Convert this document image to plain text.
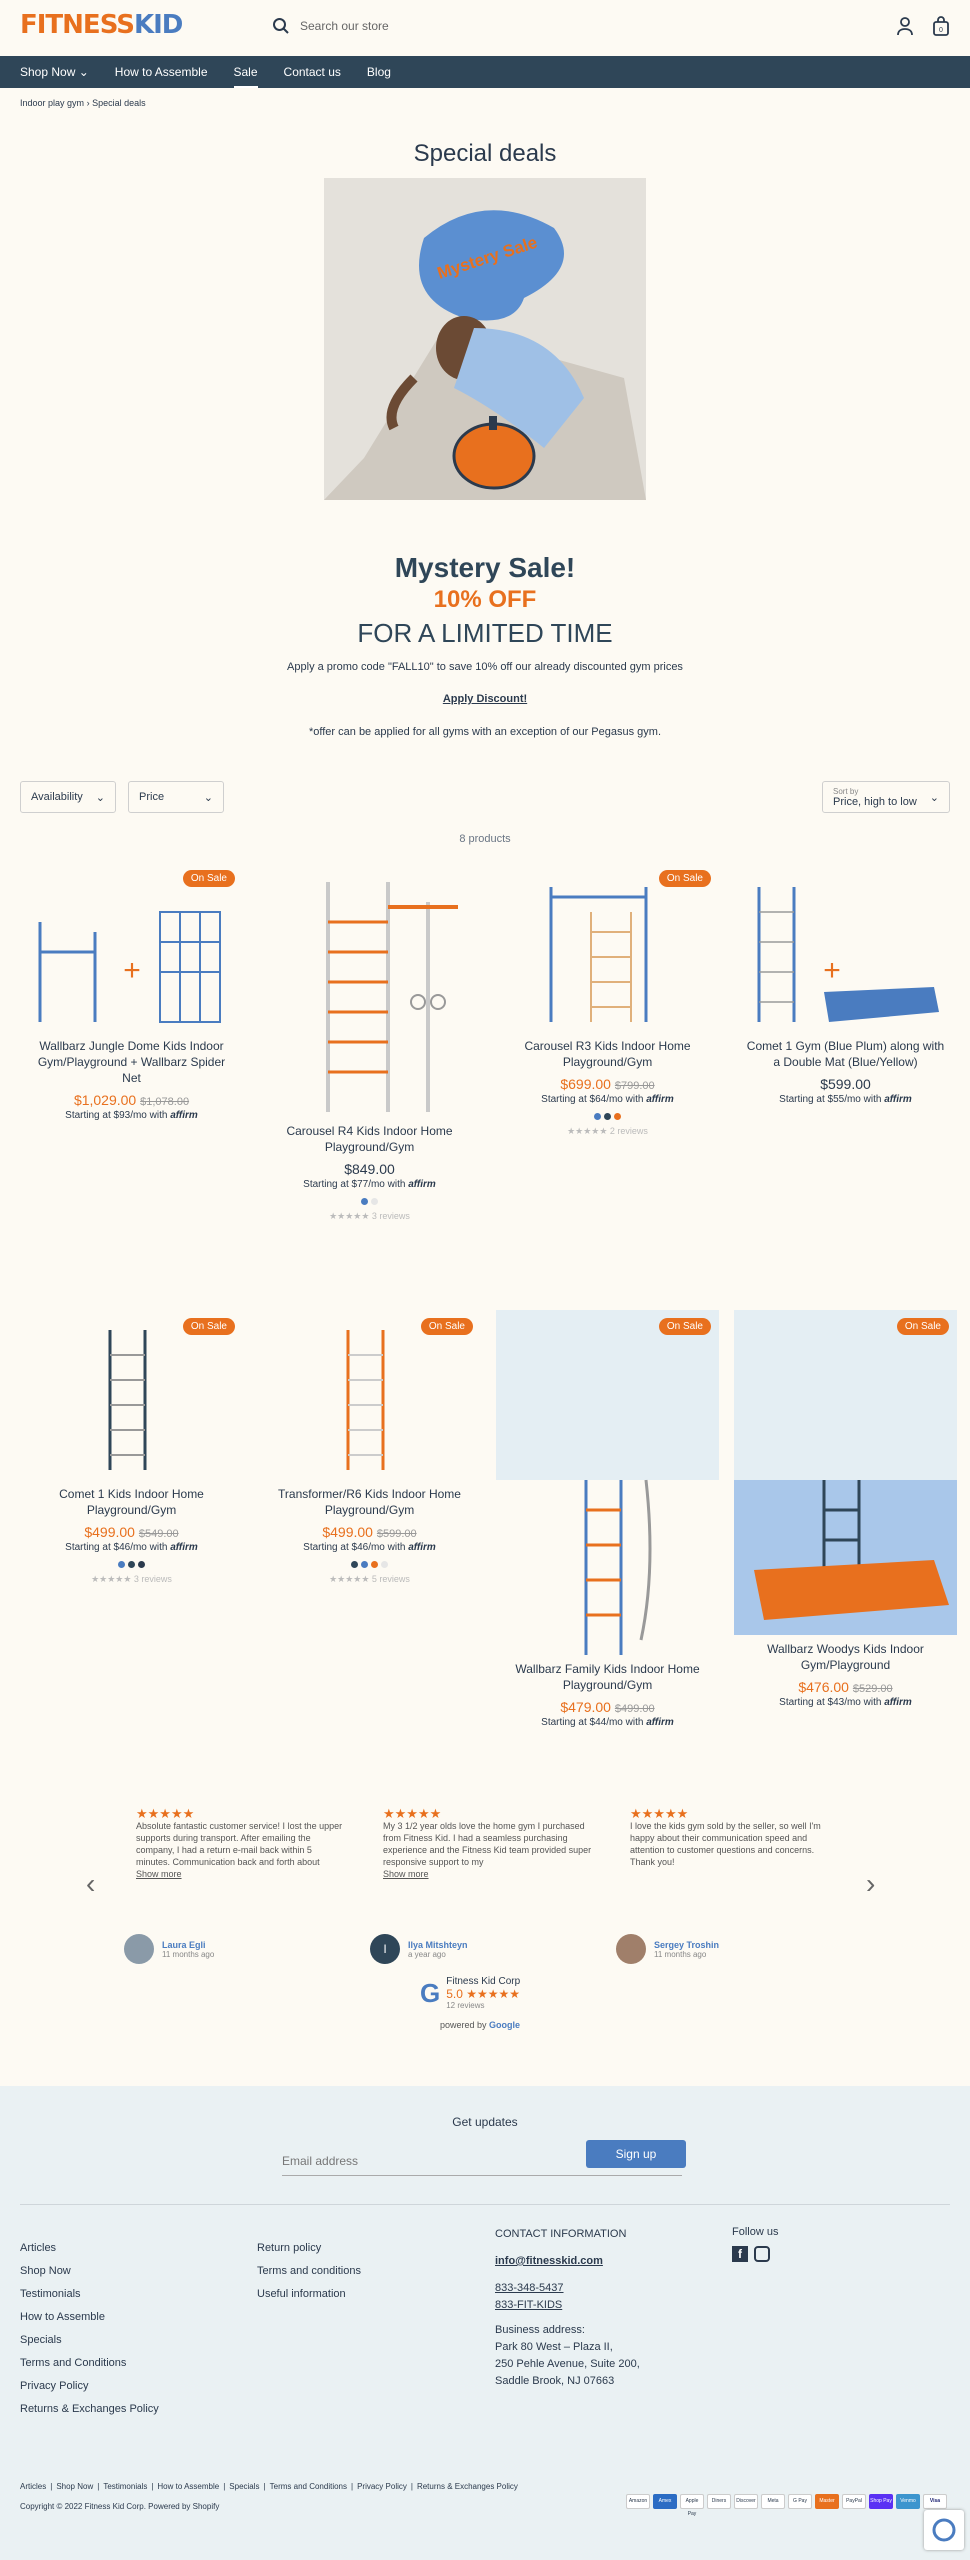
FITNESSKID	Search our store	0
Shop Now ⌄ How to Assemble Sale Contact us Blog
Indoor play gym › Special deals
Special deals
Mystery Sale
Mystery Sale!
10% OFF
FOR A LIMITED TIME
Apply a promo code "FALL10" to save 10% off our already discounted gym prices
Apply Discount!
*offer can be applied for all gyms with an exception of our Pegasus gym.
Availability ⌄	Price	⌄
Sort by
Price, high to low ⌄
8 products
+
On Sale
Wallbarz Jungle Dome Kids Indoor Gym/Playground + Wallbarz Spider Net
$1,029.00 $1,078.00
Starting at $93/mo with affirm
Carousel R4 Kids Indoor Home Playground/Gym
$849.00
Starting at $77/mo with affirm
★★★★★ 3 reviews
On Sale
Carousel R3 Kids Indoor Home Playground/Gym
$699.00 $799.00
Starting at $64/mo with affirm
★★★★★ 2 reviews
+
Comet 1 Gym (Blue Plum) along with a Double Mat (Blue/Yellow)
$599.00
Starting at $55/mo with affirm
On Sale
Comet 1 Kids Indoor Home Playground/Gym
$499.00 $549.00
Starting at $46/mo with affirm
★★★★★ 3 reviews
On Sale
Transformer/R6 Kids Indoor Home Playground/Gym
$499.00 $599.00
Starting at $46/mo with affirm
★★★★★ 5 reviews
On Sale
Wallbarz Family Kids Indoor Home Playground/Gym
$479.00 $499.00
Starting at $44/mo with affirm
On Sale
Wallbarz Woodys Kids Indoor Gym/Playground
$476.00 $529.00
Starting at $43/mo with affirm
‹	›
★★★★★
Absolute fantastic customer service! I lost the upper supports during transport. After emailing the company, I had a return e-mail back within 5 minutes. Communication back and forth about
Show more
★★★★★
My 3 1/2 year olds love the home gym I purchased from Fitness Kid. I had a seamless purchasing experience and the Fitness Kid team provided super responsive support to my
Show more
★★★★★
I love the kids gym sold by the seller, so well I'm happy about their communication speed and attention to customer questions and concerns. Thank you!
Laura Egli
11 months ago	I	Ilya Mitshteyn
a year ago
Sergey Troshin
11 months ago
G Fitness Kid Corp
5.0 ★★★★★
12 reviews
powered by Google
Get updates
Email address	Sign up
Articles
Shop Now
Testimonials
How to Assemble
Specials
Terms and Conditions
Privacy Policy
Returns & Exchanges Policy
Return policy
Terms and conditions
Useful information
CONTACT INFORMATION
info@fitnesskid.com
833-348-5437
833-FIT-KIDS
Business address:
Park 80 West – Plaza II,
250 Pehle Avenue, Suite 200,
Saddle Brook, NJ 07663
Follow us
f
Articles | Shop Now | Testimonials | How to Assemble | Specials | Terms and Conditions | Privacy Policy | Returns & Exchanges Policy
Copyright © 2022 Fitness Kid Corp. Powered by Shopify
Amazon	Amex	Apple Pay
Diners	Discover	Meta	G Pay	Master	PayPal	Shop Pay	Venmo	Visa
